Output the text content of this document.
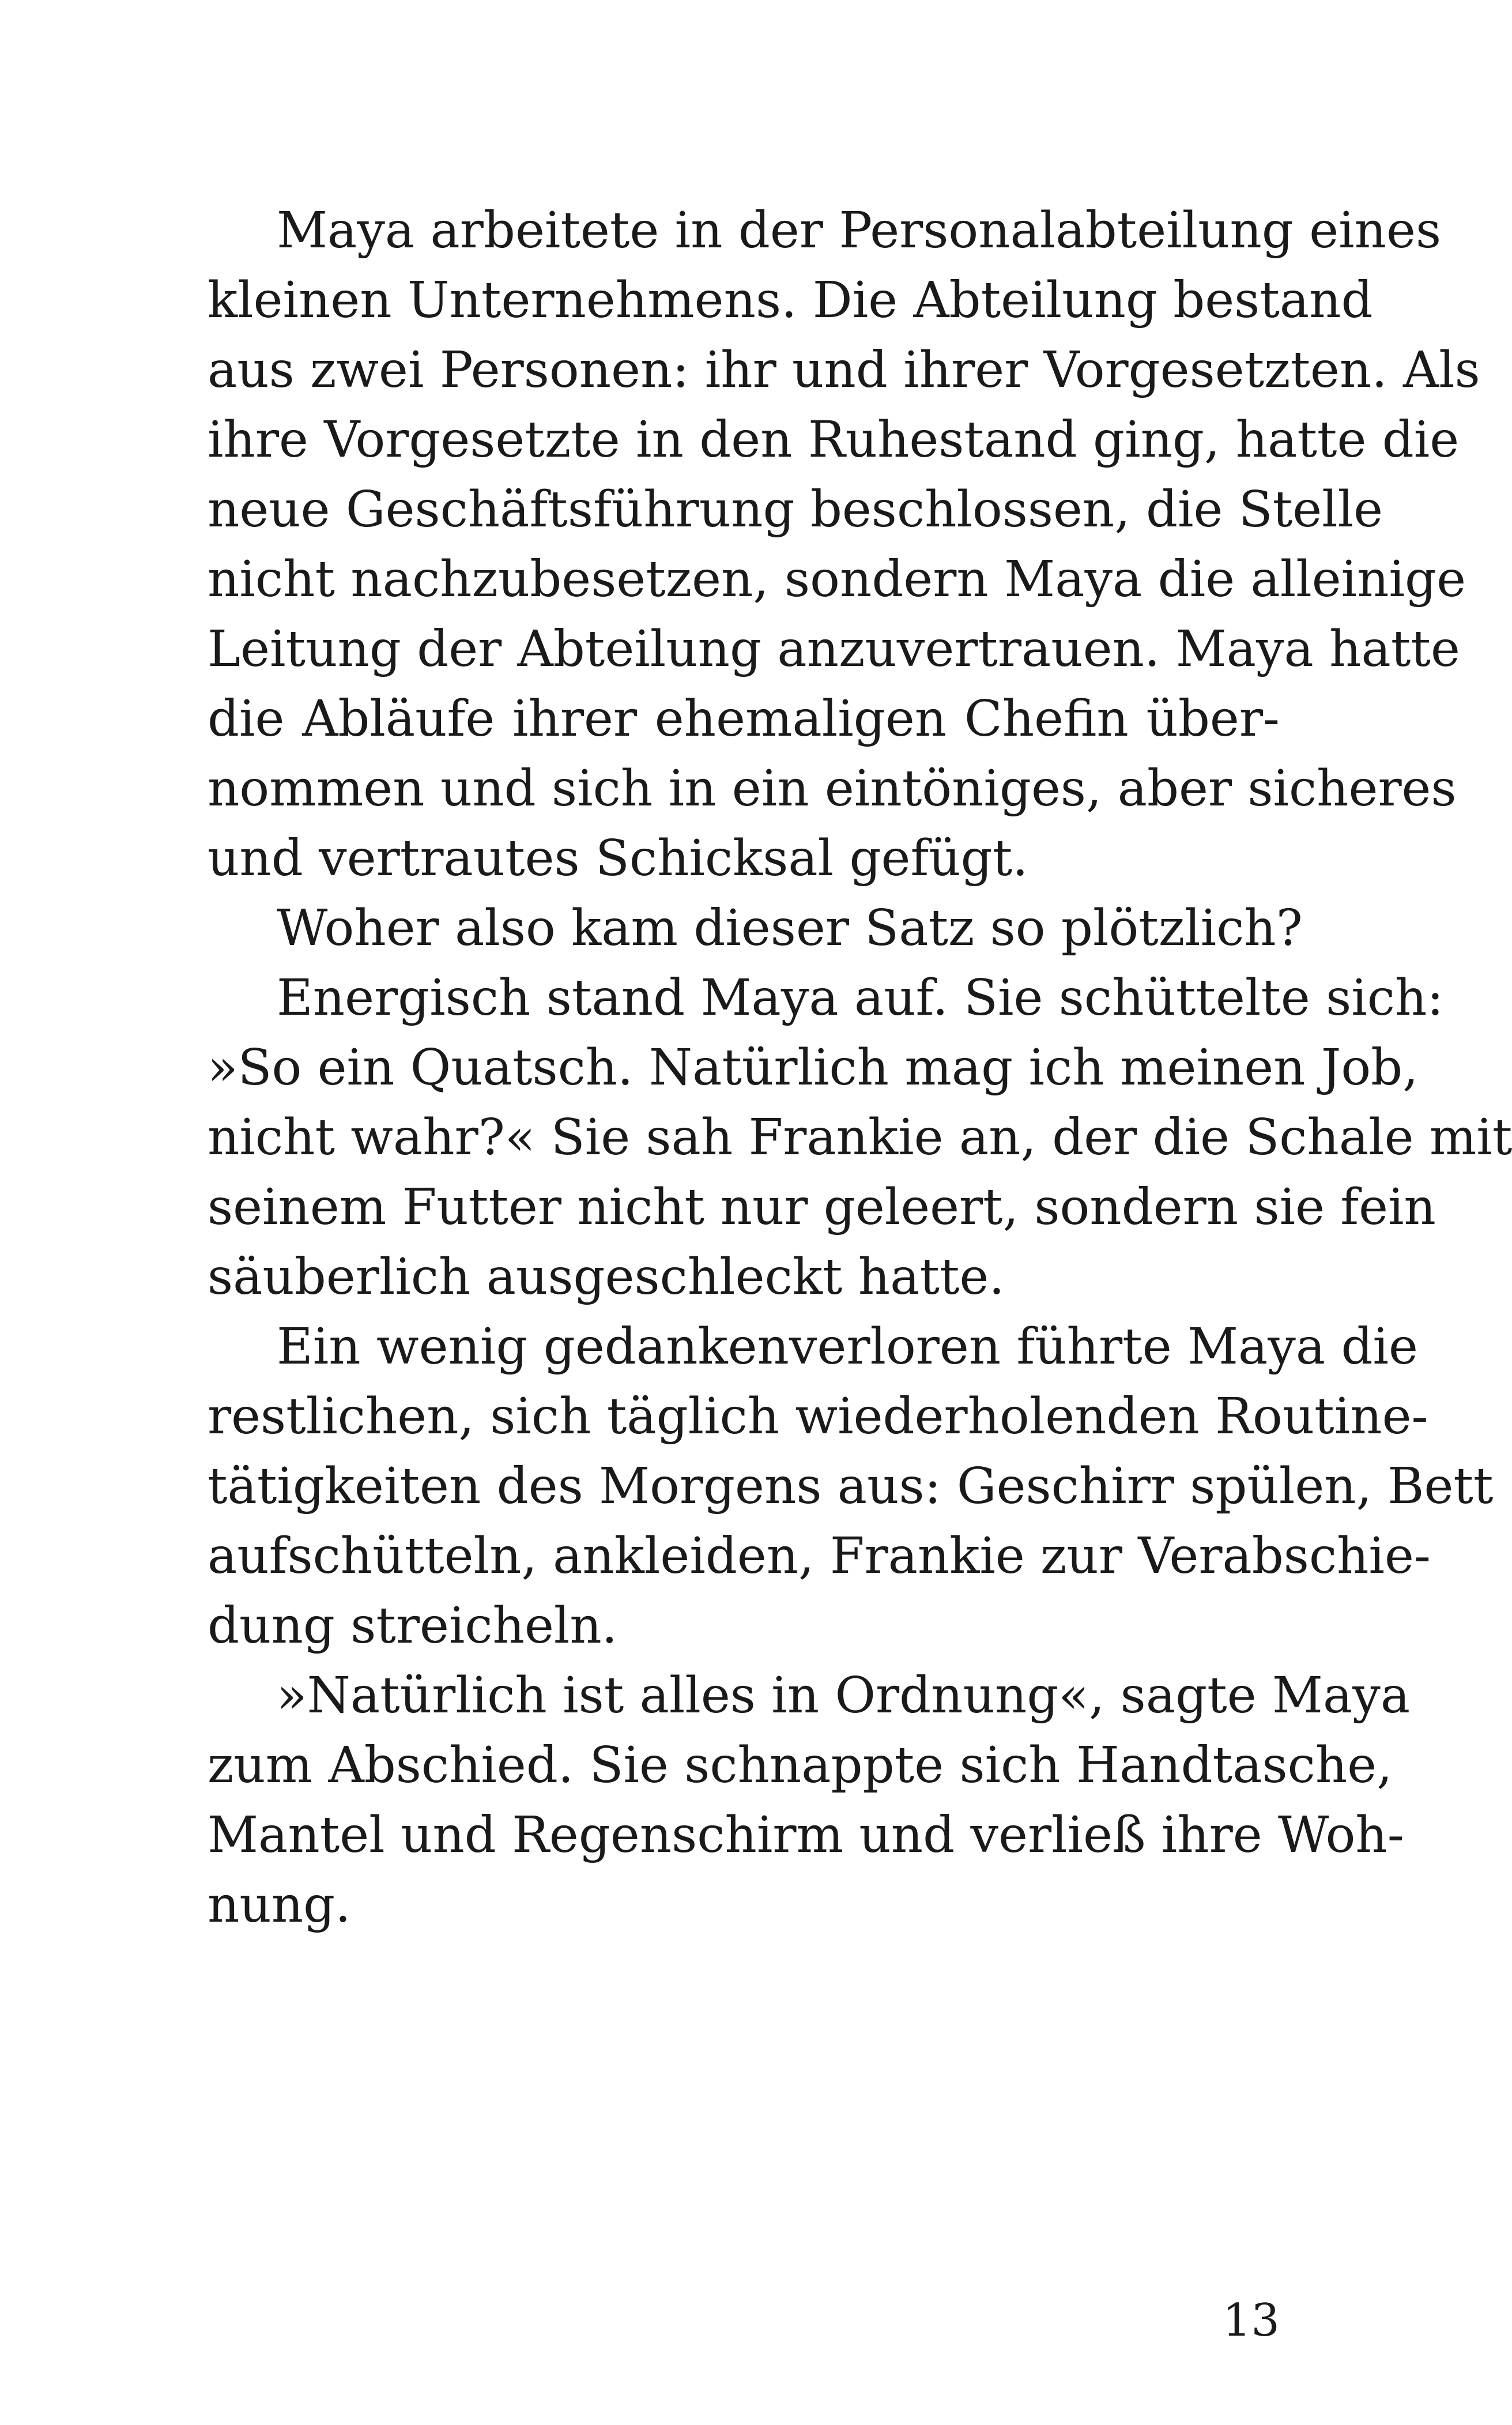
Maya arbeitete in der Personalabteilung eines
kleinen Unternehmens. Die Abteilung bestand
aus zwei Personen: ihr und ihrer Vorgesetzten. Als
ihre Vorgesetzte in den Ruhestand ging, hatte die
neue Geschäftsführung beschlossen, die Stelle
nicht nachzubesetzen, sondern Maya die alleinige
Leitung der Abteilung anzuvertrauen. Maya hatte
die Abläufe ihrer ehemaligen Chefin über-
nommen und sich in ein eintöniges, aber sicheres
und vertrautes Schicksal gefügt.
Woher also kam dieser Satz so plötzlich?
Energisch stand Maya auf. Sie schüttelte sich:
»So ein Quatsch. Natürlich mag ich meinen Job,
nicht wahr?« Sie sah Frankie an, der die Schale mit
seinem Futter nicht nur geleert, sondern sie fein
säuberlich ausgeschleckt hatte.
Ein wenig gedankenverloren führte Maya die
restlichen, sich täglich wiederholenden Routine-
tätigkeiten des Morgens aus: Geschirr spülen, Bett
aufschütteln, ankleiden, Frankie zur Verabschie-
dung streicheln.
»Natürlich ist alles in Ordnung«, sagte Maya
zum Abschied. Sie schnappte sich Handtasche,
Mantel und Regenschirm und verließ ihre Woh-
nung.
13
